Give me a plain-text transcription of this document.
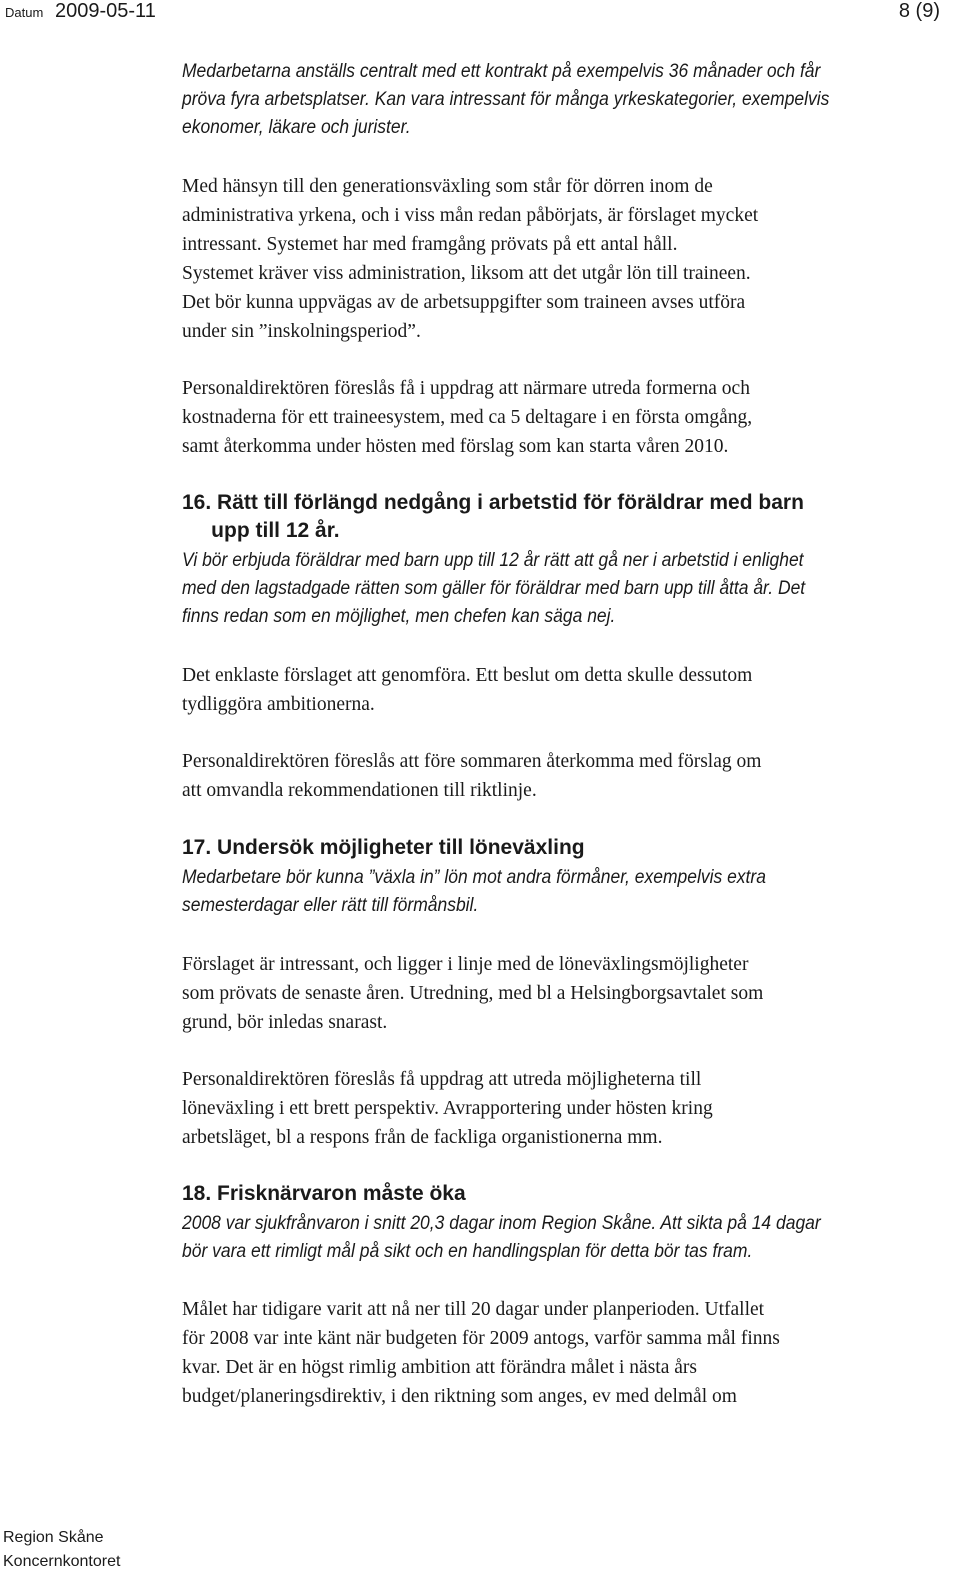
Datum 2009-05-11	8 (9)
Medarbetarna anställs centralt med ett kontrakt på exempelvis 36 månader och får
pröva fyra arbetsplatser. Kan vara intressant för många yrkeskategorier, exempelvis
ekonomer, läkare och jurister.
Med hänsyn till den generationsväxling som står för dörren inom de
administrativa yrkena, och i viss mån redan påbörjats, är förslaget mycket
intressant. Systemet har med framgång prövats på ett antal håll.
Systemet kräver viss administration, liksom att det utgår lön till traineen.
Det bör kunna uppvägas av de arbetsuppgifter som traineen avses utföra
under sin ”inskolningsperiod”.
Personaldirektören föreslås få i uppdrag att närmare utreda formerna och
kostnaderna för ett traineesystem, med ca 5 deltagare i en första omgång,
samt återkomma under hösten med förslag som kan starta våren 2010.
16. Rätt till förlängd nedgång i arbetstid för föräldrar med barn
upp till 12 år.
Vi bör erbjuda föräldrar med barn upp till 12 år rätt att gå ner i arbetstid i enlighet
med den lagstadgade rätten som gäller för föräldrar med barn upp till åtta år. Det
finns redan som en möjlighet, men chefen kan säga nej.
Det enklaste förslaget att genomföra. Ett beslut om detta skulle dessutom
tydliggöra ambitionerna.
Personaldirektören föreslås att före sommaren återkomma med förslag om
att omvandla rekommendationen till riktlinje.
17. Undersök möjligheter till löneväxling
Medarbetare bör kunna ”växla in” lön mot andra förmåner, exempelvis extra
semesterdagar eller rätt till förmånsbil.
Förslaget är intressant, och ligger i linje med de löneväxlingsmöjligheter
som prövats de senaste åren. Utredning, med bl a Helsingborgsavtalet som
grund, bör inledas snarast.
Personaldirektören föreslås få uppdrag att utreda möjligheterna till
löneväxling i ett brett perspektiv. Avrapportering under hösten kring
arbetsläget, bl a respons från de fackliga organistionerna mm.
18. Frisknärvaron måste öka
2008 var sjukfrånvaron i snitt 20,3 dagar inom Region Skåne. Att sikta på 14 dagar
bör vara ett rimligt mål på sikt och en handlingsplan för detta bör tas fram.
Målet har tidigare varit att nå ner till 20 dagar under planperioden. Utfallet
för 2008 var inte känt när budgeten för 2009 antogs, varför samma mål finns
kvar. Det är en högst rimlig ambition att förändra målet i nästa års
budget/planeringsdirektiv, i den riktning som anges, ev med delmål om
Region Skåne
Koncernkontoret
